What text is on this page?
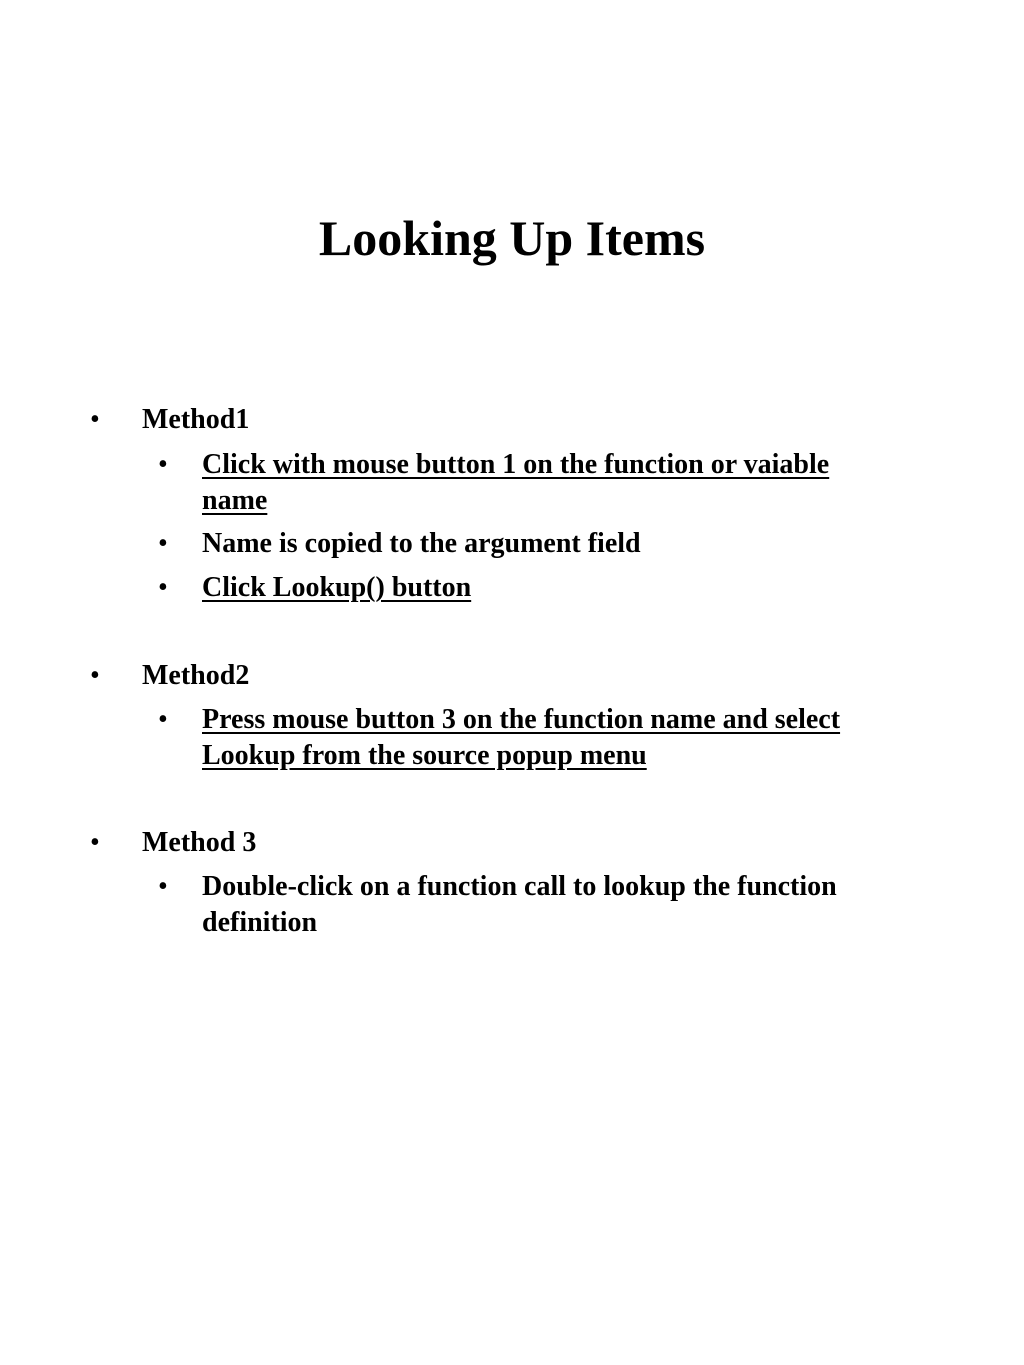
Looking Up Items
• Method1
• Click with mouse button 1 on the function or vaiable
name
• Name is copied to the argument field
• Click Lookup() button
• Method2
• Press mouse button 3 on the function name and select
Lookup from the source popup menu
• Method 3
• Double-click on a function call to lookup the function
definition
